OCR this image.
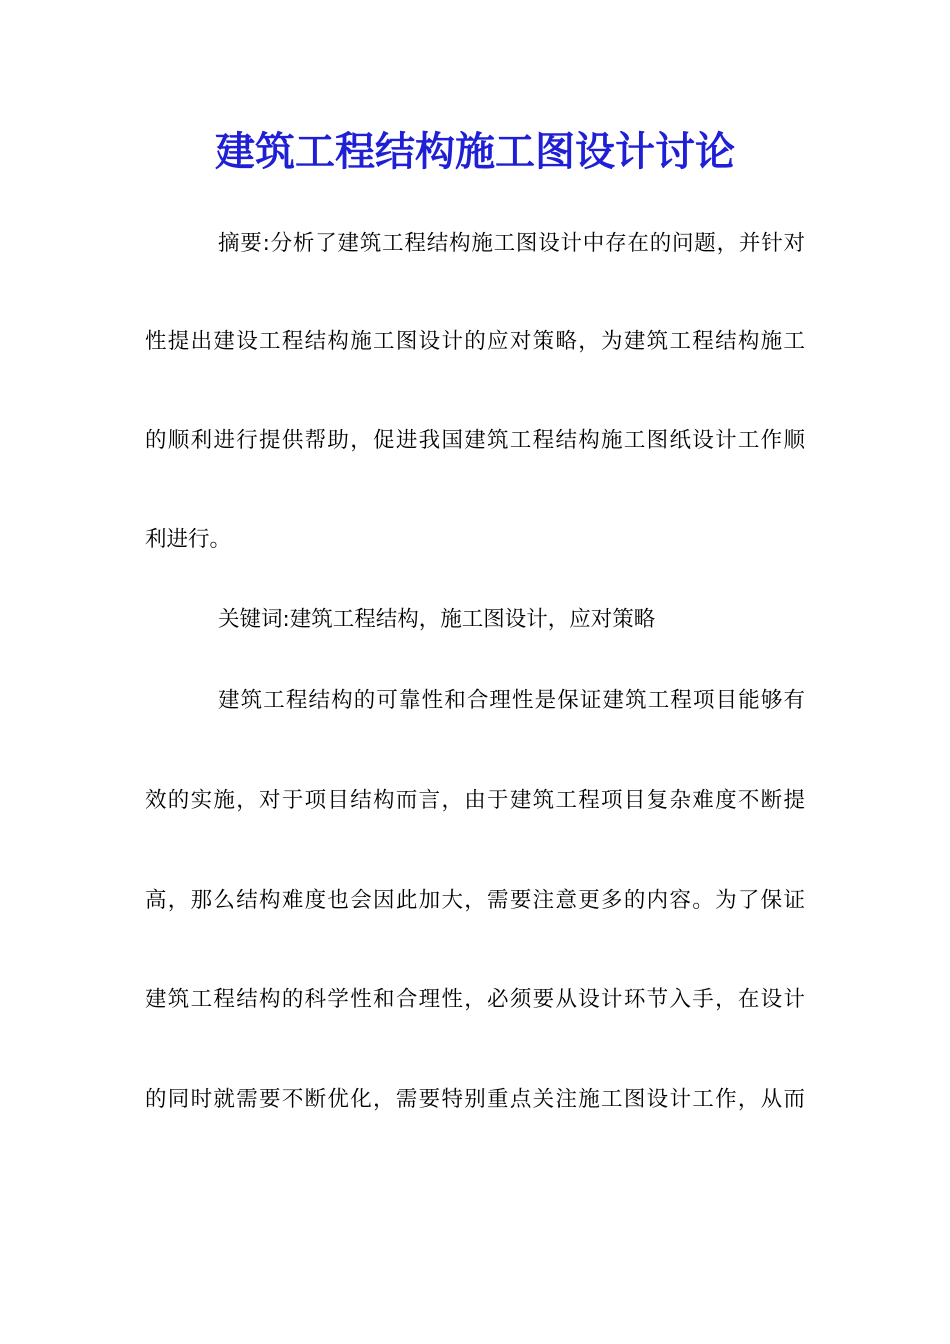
建筑工程结构施工图设计讨论
摘要:分析了建筑工程结构施工图设计中存在的问题，并针对
性提出建设工程结构施工图设计的应对策略，为建筑工程结构施工
的顺利进行提供帮助，促进我国建筑工程结构施工图纸设计工作顺
利进行。
关键词:建筑工程结构，施工图设计，应对策略
建筑工程结构的可靠性和合理性是保证建筑工程项目能够有
效的实施，对于项目结构而言，由于建筑工程项目复杂难度不断提
高，那么结构难度也会因此加大，需要注意更多的内容。为了保证
建筑工程结构的科学性和合理性，必须要从设计环节入手，在设计
的同时就需要不断优化，需要特别重点关注施工图设计工作，从而
